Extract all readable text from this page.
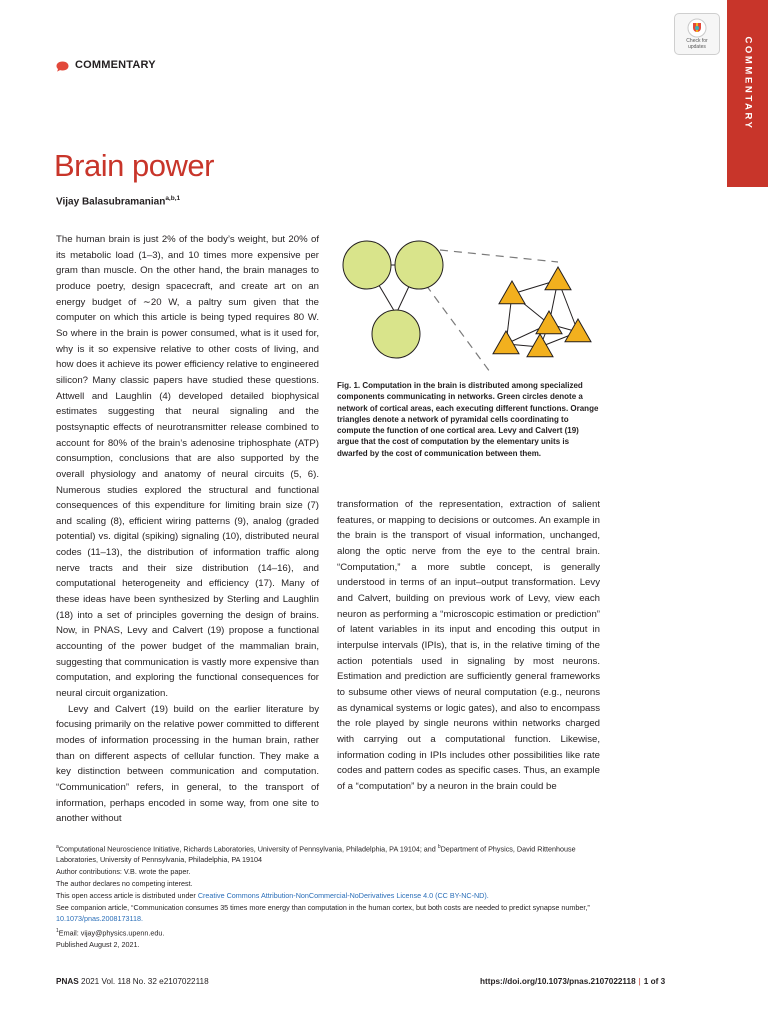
COMMENTARY
Check for
updates
COMMENTARY
Brain power
Vijay Balasubramanian$^{a,b,1}$

The human brain is just 2% of the body’s weight, but 20% of its metabolic load (1–3), and 10 times more expensive per gram than muscle. On the other hand, the brain manages to produce poetry, design spacecraft, and create art on an energy budget of ∼20 W, a paltry sum given that the computer on which this article is being typed requires 80 W. So where in the brain is power consumed, what is it used for, why is it so expensive relative to other costs of living, and how does it achieve its power efficiency relative to engineered silicon? Many classic papers have studied these questions. Attwell and Laughlin (4) developed detailed biophysical estimates suggesting that neural signaling and the postsynaptic effects of neurotransmitter release combined to account for 80% of the brain’s adenosine triphosphate (ATP) consumption, conclusions that are also supported by the overall physiology and anatomy of neural circuits (5, 6). Numerous studies explored the structural and functional consequences of this expenditure for limiting brain size (7) and scaling (8), efficient wiring patterns (9), analog (graded potential) vs. digital (spiking) signaling (10), distributed neural codes (11–13), the distribution of information traffic along nerve tracts and their size distribution (14–16), and computational heterogeneity and efficiency (17). Many of these ideas have been synthesized by Sterling and Laughlin (18) into a set of principles governing the design of brains. Now, in PNAS, Levy and Calvert (19) propose a functional accounting of the power budget of the mammalian brain, suggesting that communication is vastly more expensive than computation, and exploring the functional consequences for neural circuit organization.

Levy and Calvert (19) build on the earlier literature by focusing primarily on the relative power committed to different modes of information processing in the human brain, rather than on different aspects of cellular function. They make a key distinction between communication and computation. “Communication” refers, in general, to the transport of information, perhaps encoded in some way, from one site to another without

Fig. 1. Computation in the brain is distributed among specialized components communicating in networks. Green circles denote a network of cortical areas, each executing different functions. Orange triangles denote a network of pyramidal cells coordinating to compute the function of one cortical area. Levy and Calvert (19) argue that the cost of computation by the elementary units is dwarfed by the cost of communication between them.

transformation of the representation, extraction of salient features, or mapping to decisions or outcomes. An example in the brain is the transport of visual information, unchanged, along the optic nerve from the eye to the central brain. “Computation,” a more subtle concept, is generally understood in terms of an input–output transformation. Levy and Calvert, building on previous work of Levy, view each neuron as performing a “microscopic estimation or prediction” of latent variables in its input and encoding this output in interpulse intervals (IPIs), that is, in the relative timing of the action potentials used in signaling by most neurons. Estimation and prediction are sufficiently general frameworks to subsume other views of neural computation (e.g., neurons as dynamical systems or logic gates), and also to encompass the role played by single neurons within networks charged with carrying out a computational function. Likewise, information coding in IPIs includes other possibilities like rate codes and pattern codes as specific cases. Thus, an example of a “computation” by a neuron in the brain could be

$^a$Computational Neuroscience Initiative, Richards Laboratories, University of Pennsylvania, Philadelphia, PA 19104; and $^b$Department of Physics, David Rittenhouse Laboratories, University of Pennsylvania, Philadelphia, PA 19104

Author contributions: V.B. wrote the paper.

The author declares no competing interest.

This open access article is distributed under Creative Commons Attribution-NonCommercial-NoDerivatives License 4.0 (CC BY-NC-ND).

See companion article, “Communication consumes 35 times more energy than computation in the human cortex, but both costs are needed to predict synapse number,” 10.1073/pnas.2008173118.

$^1$Email: vijay@physics.upenn.edu.

Published August 2, 2021.

PNAS 2021 Vol. 118 No. 32 e2107022118	https://doi.org/10.1073/pnas.2107022118 | 1 of 3
